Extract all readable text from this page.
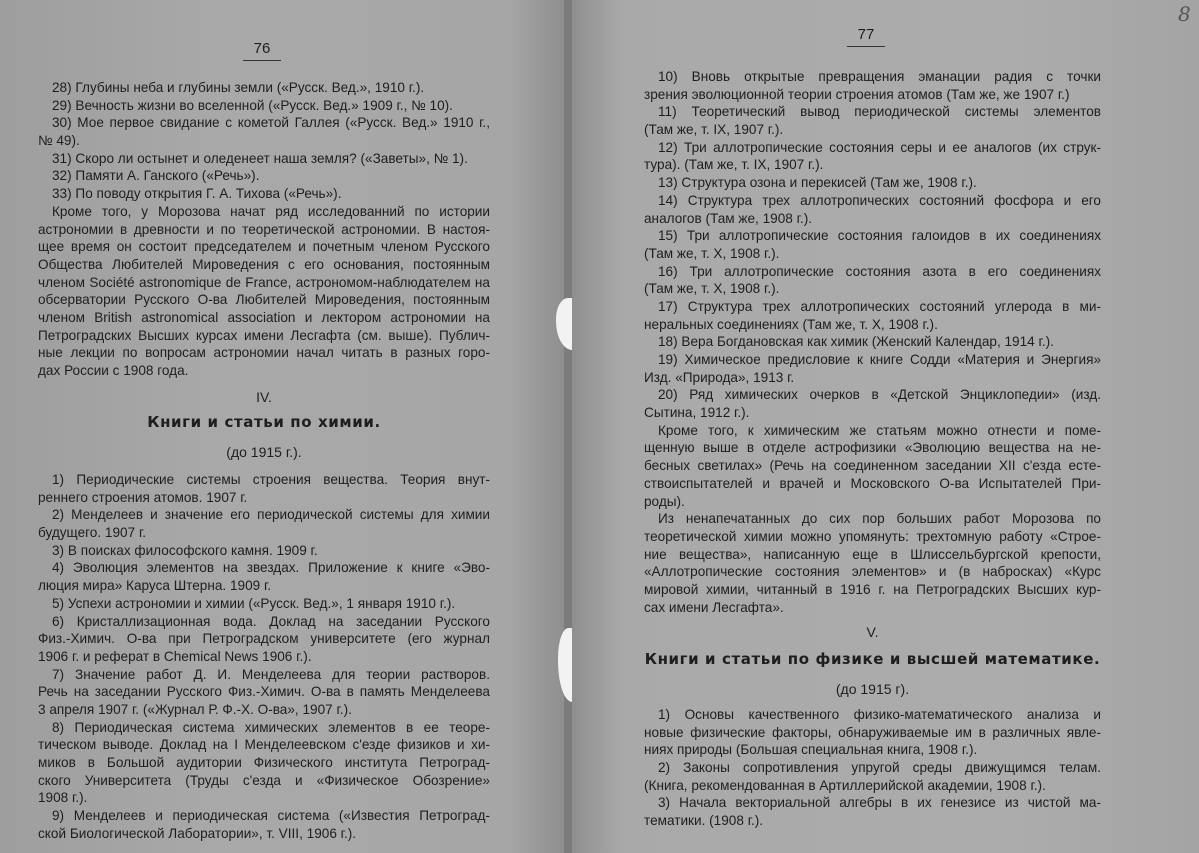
76
28) Глубины неба и глубины земли («Русск. Вед.», 1910 г.).
29) Вечность жизни во вселенной («Русск. Вед.» 1909 г., № 10).
30) Мое первое свидание с кометой Галлея («Русск. Вед.» 1910 г.,
№ 49).
31) Скоро ли остынет и оледенеет наша земля? («Заветы», № 1).
32) Памяти А. Ганского («Речь»).
33) По поводу открытия Г. А. Тихова («Речь»).
Кроме того, у Морозова начат ряд исследованний по истории
астрономии в древности и по теоретической астрономии. В настоя-
щее время он состоит председателем и почетным членом Русского
Общества Любителей Мироведения с его основания, постоянным
членом Société astronomique de France, астрономом-наблюдателем на
обсерватории Русского О-ва Любителей Мироведения, постоянным
членом British astronomical association и лектором астрономии на
Петроградских Высших курсах имени Лесгафта (см. выше). Публич-
ные лекции по вопросам астрономии начал читать в разных горо-
дах России с 1908 года.
IV.
Книги и статьи по химии.
(до 1915 г.).
1) Периодические системы строения вещества. Теория внут-
реннего строения атомов. 1907 г.
2) Менделеев и значение его периодической системы для химии
будущего. 1907 г.
3) В поисках философского камня. 1909 г.
4) Эволюция элементов на звездах. Приложение к книге «Эво-
люция мира» Каруса Штерна. 1909 г.
5) Успехи астрономии и химии («Русск. Вед.», 1 января 1910 г.).
6) Кристаллизационная вода. Доклад на заседании Русского
Физ.-Химич. О-ва при Петроградском университете (его журнал
1906 г. и реферат в Chemical News 1906 г.).
7) Значение работ Д. И. Менделеева для теории растворов.
Речь на заседании Русского Физ.-Химич. О-ва в память Менделеева
3 апреля 1907 г. («Журнал Р. Ф.-Х. О-ва», 1907 г.).
8) Периодическая система химических элементов в ее теоре-
тическом выводе. Доклад на I Менделеевском с'езде физиков и хи-
миков в Большой аудитории Физического института Петроград-
ского Университета (Труды с'езда и «Физическое Обозрение»
1908 г.).
9) Менделеев и периодическая система («Известия Петроград-
ской Биологической Лаборатории», т. VIII, 1906 г.).
77
10) Вновь открытые превращения эманации радия с точки
зрения эволюционной теории строения атомов (Там же, же 1907 г.)
11) Теоретический вывод периодической системы элементов
(Там же, т. IX, 1907 г.).
12) Три аллотропические состояния серы и ее аналогов (их струк-
тура). (Там же, т. IX, 1907 г.).
13) Структура озона и перекисей (Там же, 1908 г.).
14) Структура трех аллотропических состояний фосфора и его
аналогов (Там же, 1908 г.).
15) Три аллотропические состояния галоидов в их соединениях
(Там же, т. X, 1908 г.).
16) Три аллотропические состояния азота в его соединениях
(Там же, т. X, 1908 г.).
17) Структура трех аллотропических состояний углерода в ми-
неральных соединениях (Там же, т. X, 1908 г.).
18) Вера Богдановская как химик (Женский Календар, 1914 г.).
19) Химическое предисловие к книге Содди «Материя и Энергия»
Изд. «Природа», 1913 г.
20) Ряд химических очерков в «Детской Энциклопедии» (изд.
Сытина, 1912 г.).
Кроме того, к химическим же статьям можно отнести и поме-
щенную выше в отделе астрофизики «Эволюцию вещества на не-
бесных светилах» (Речь на соединенном заседании XII с'езда есте-
ствоиспытателей и врачей и Московского О-ва Испытателей При-
роды).
Из ненапечатанных до сих пор больших работ Морозова по
теоретической химии можно упомянуть: трехтомную работу «Строе-
ние вещества», написанную еще в Шлиссельбургской крепости,
«Аллотропические состояния элементов» и (в набросках) «Курс
мировой химии, читанный в 1916 г. на Петроградских Высших кур-
сах имени Лесгафта».
V.
Книги и статьи по физике и высшей математике.
(до 1915 г).
1) Основы качественного физико-математического анализа и
новые физические факторы, обнаруживаемые им в различных явле-
ниях природы (Большая специальная книга, 1908 г.).
2) Законы сопротивления упругой среды движущимся телам.
(Книга, рекомендованная в Артиллерийской академии, 1908 г.).
3) Начала векториальной алгебры в их генезисе из чистой ма-
тематики. (1908 г.).
8
